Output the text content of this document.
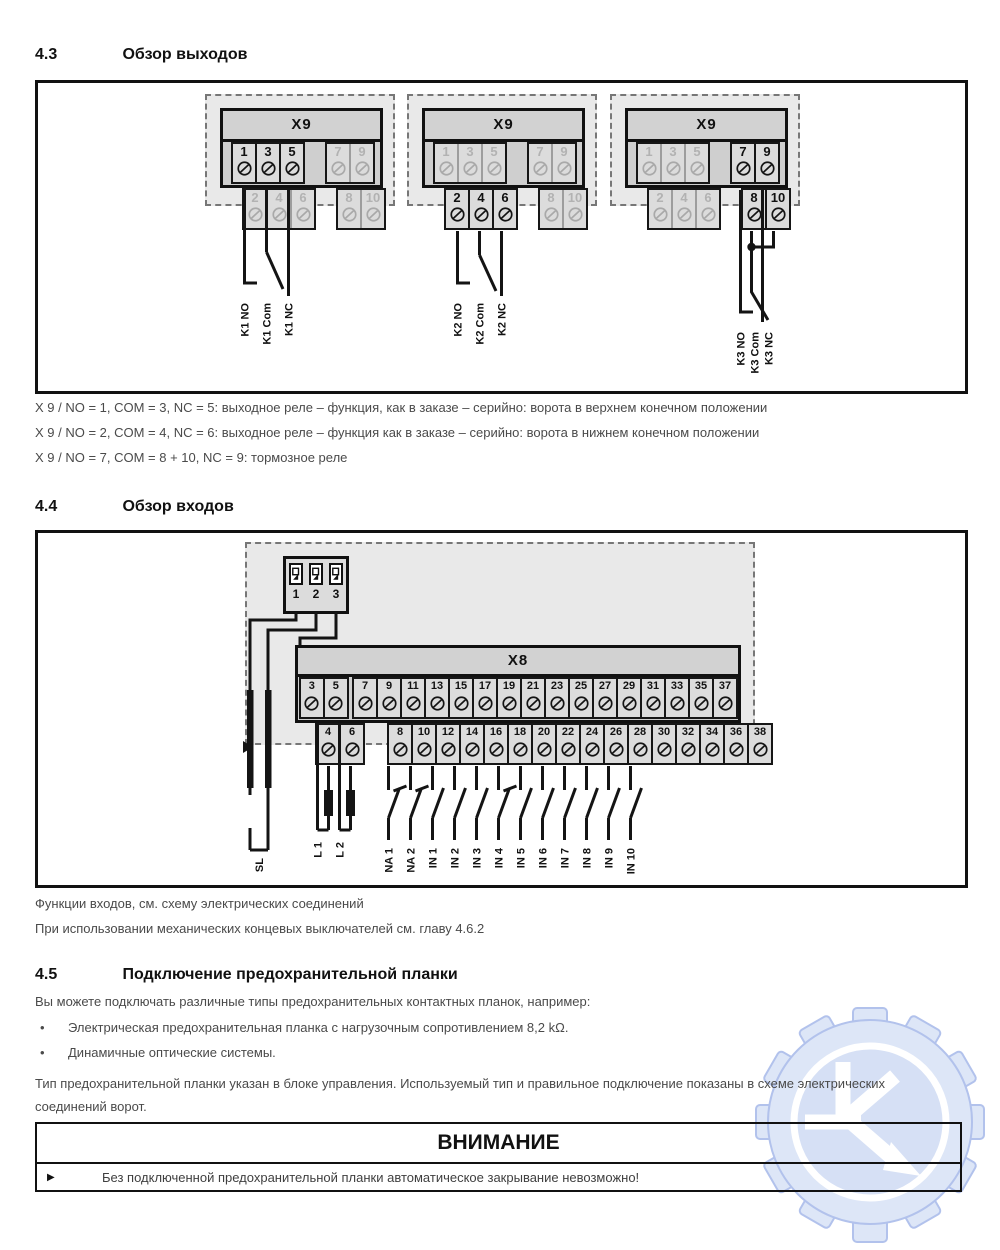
4.3	Обзор выходов
X9
1 3 5	7 9
2 4 6	8 10
X9
1 3 5	7 9
2 4 6	8 10
X9
1 3 5	7 9
2 4 6	8 10
X 9 / NO = 1, COM = 3, NC = 5: выходное реле – функция, как в заказе – серийно: ворота в верхнем конечном положении
X 9 / NO = 2, COM = 4, NC = 6: выходное реле – функция как в заказе – серийно: ворота в нижнем конечном положении
X 9 / NO = 7, COM = 8 + 10, NC = 9: тормозное реле
4.4	Обзор входов
1	2	3
X8
3 5 7 9 11 13 15 17 19 21 23 25 27 29 31 33 35 37
4 6	8 10 12 14 16 18 20 22 24 26 28 30 32 34 36 38
Функции входов, см. схему электрических соединений
При использовании механических концевых выключателей см. главу 4.6.2
4.5	Подключение предохранительной планки
Вы можете подключать различные типы предохранительных контактных планок, например:
• Электрическая предохранительная планка с нагрузочным сопротивлением 8,2 kΩ.
• Динамичные оптические системы.
Тип предохранительной планки указан в блоке управления. Используемый тип и правильное подключение показаны в схеме электрических соединений ворот.
ВНИМАНИЕ
▶	Без подключенной предохранительной планки автоматическое закрывание невозможно!
K1 NO K1 Com K1 NC	K2 NO K2 Com K2 NC
K3 NO K3 Com K3 NC
SL
L 1 L 2	NA 1 NA 2 IN 1 IN 2 IN 3 IN 4 IN 5 IN 6 IN 7 IN 8 IN 9 IN 10
